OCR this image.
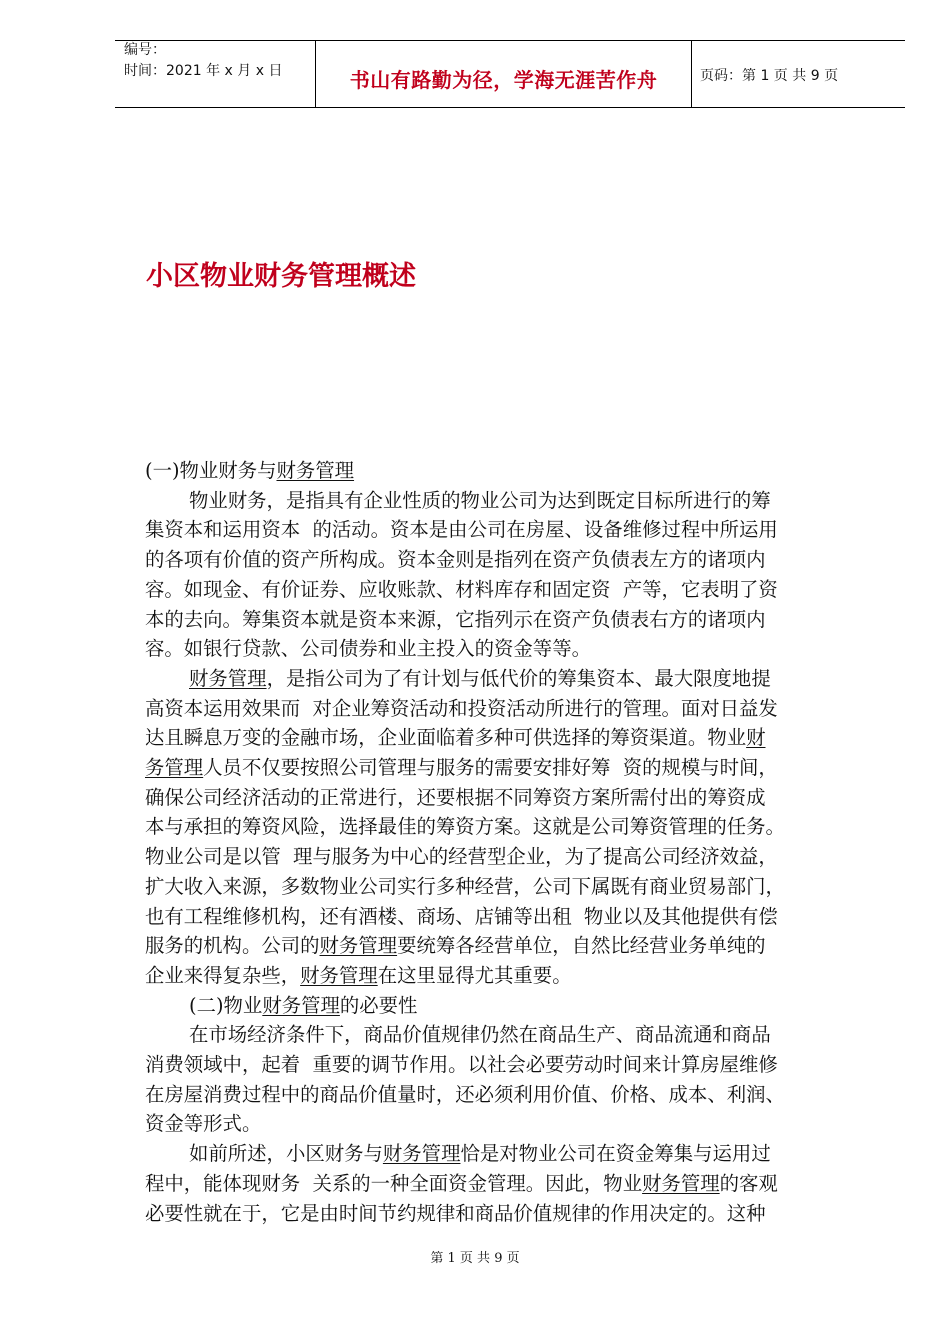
编号：
时间：2021 年 x 月 x 日	书山有路勤为径，学海无涯苦作舟	页码：第 1 页 共 9 页
小区物业财务管理概述

(一)物业财务与财务管理

物业财务，是指具有企业性质的物业公司为达到既定目标所进行的筹

集资本和运用资本  的活动。资本是由公司在房屋、设备维修过程中所运用

的各项有价值的资产所构成。资本金则是指列在资产负债表左方的诸项内

容。如现金、有价证券、应收账款、材料库存和固定资  产等，它表明了资

本的去向。筹集资本就是资本来源，它指列示在资产负债表右方的诸项内

容。如银行贷款、公司债券和业主投入的资金等等。

财务管理，是指公司为了有计划与低代价的筹集资本、最大限度地提

高资本运用效果而  对企业筹资活动和投资活动所进行的管理。面对日益发

达且瞬息万变的金融市场，企业面临着多种可供选择的筹资渠道。物业财

务管理人员不仅要按照公司管理与服务的需要安排好筹  资的规模与时间，

确保公司经济活动的正常进行，还要根据不同筹资方案所需付出的筹资成

本与承担的筹资风险，选择最佳的筹资方案。这就是公司筹资管理的任务。

物业公司是以管  理与服务为中心的经营型企业，为了提高公司经济效益，

扩大收入来源，多数物业公司实行多种经营，公司下属既有商业贸易部门，

也有工程维修机构，还有酒楼、商场、店铺等出租  物业以及其他提供有偿

服务的机构。公司的财务管理要统筹各经营单位，自然比经营业务单纯的

企业来得复杂些，财务管理在这里显得尤其重要。

(二)物业财务管理的必要性

在市场经济条件下，商品价值规律仍然在商品生产、商品流通和商品

消费领域中，起着  重要的调节作用。以社会必要劳动时间来计算房屋维修

在房屋消费过程中的商品价值量时，还必须利用价值、价格、成本、利润、

资金等形式。

如前所述，小区财务与财务管理恰是对物业公司在资金筹集与运用过

程中，能体现财务  关系的一种全面资金管理。因此，物业财务管理的客观

必要性就在于，它是由时间节约规律和商品价值规律的作用决定的。这种

第 1 页 共 9 页
